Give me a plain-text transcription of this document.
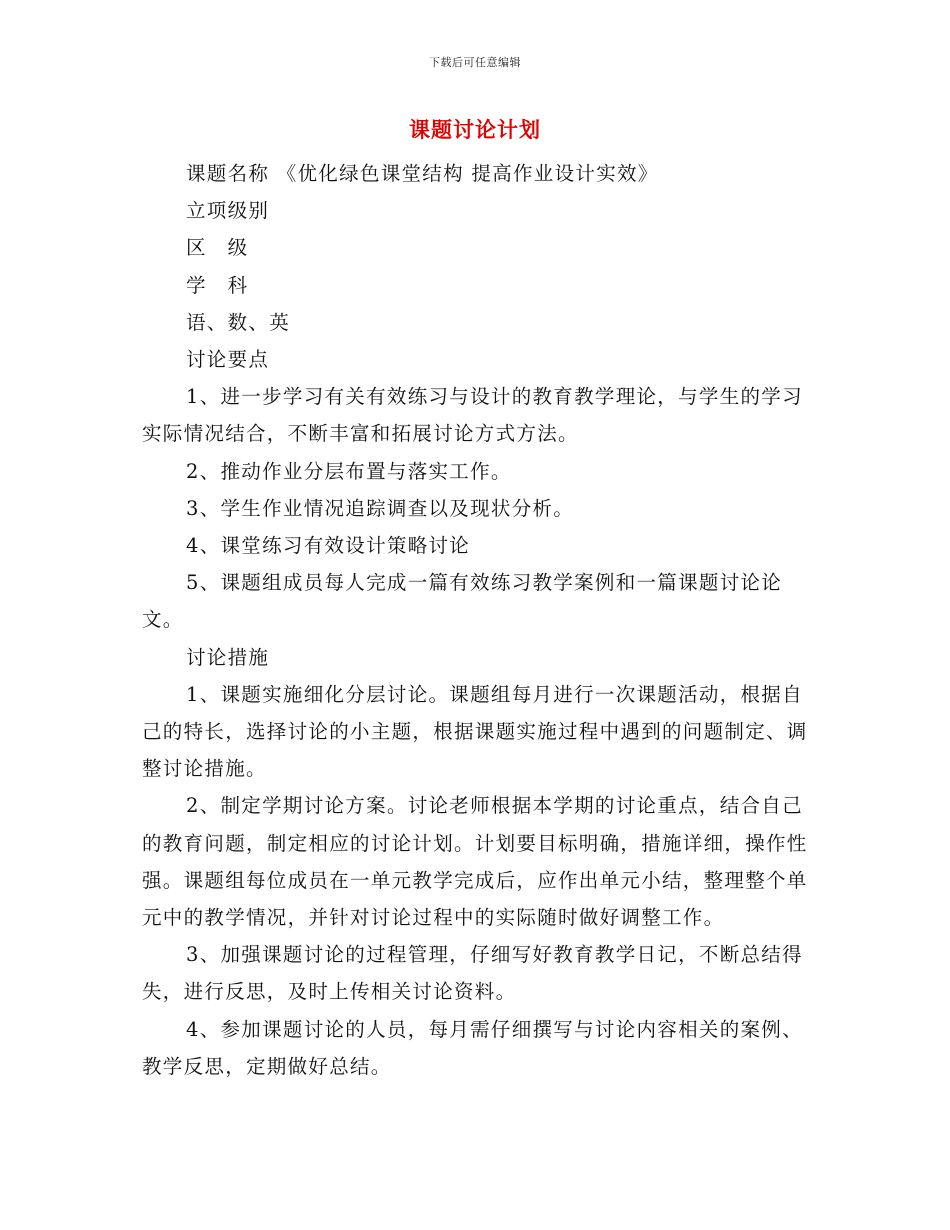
下载后可任意编辑
课题讨论计划

课题名称 《优化绿色课堂结构 提高作业设计实效》

立项级别

区　级

学　科

语、数、英

讨论要点

1、进一步学习有关有效练习与设计的教育教学理论，与学生的学习实际情况结合，不断丰富和拓展讨论方式方法。

2、推动作业分层布置与落实工作。

3、学生作业情况追踪调查以及现状分析。

4、课堂练习有效设计策略讨论

5、课题组成员每人完成一篇有效练习教学案例和一篇课题讨论论文。

讨论措施

1、课题实施细化分层讨论。课题组每月进行一次课题活动，根据自己的特长，选择讨论的小主题，根据课题实施过程中遇到的问题制定、调整讨论措施。

2、制定学期讨论方案。讨论老师根据本学期的讨论重点，结合自己的教育问题，制定相应的讨论计划。计划要目标明确，措施详细，操作性强。课题组每位成员在一单元教学完成后，应作出单元小结，整理整个单元中的教学情况，并针对讨论过程中的实际随时做好调整工作。

3、加强课题讨论的过程管理，仔细写好教育教学日记，不断总结得失，进行反思，及时上传相关讨论资料。

4、参加课题讨论的人员，每月需仔细撰写与讨论内容相关的案例、教学反思，定期做好总结。
